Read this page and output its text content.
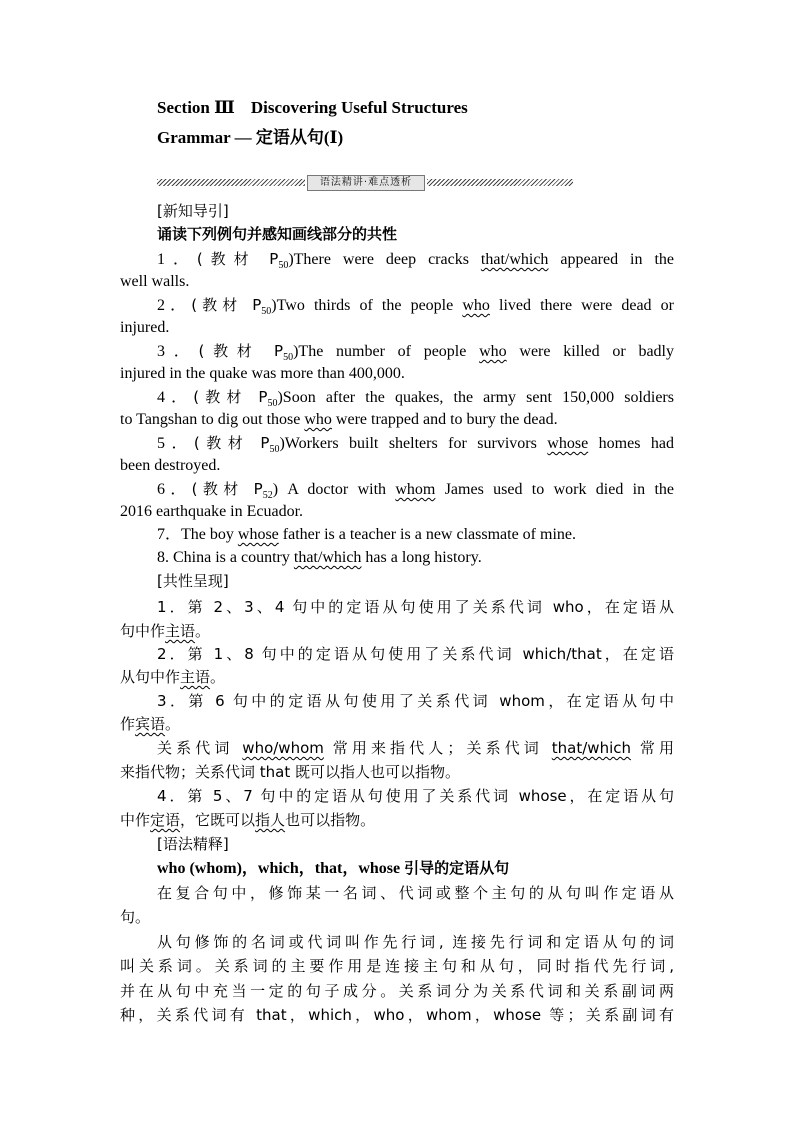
Section Ⅲ Discovering Useful Structures
Grammar — 定语从句(Ⅰ)
语法精讲·难点透析
[新知导引]
诵读下列例句并感知画线部分的共性
1．(教材 $P_{50})There$ were deep cracks that/which appeared in the
well walls.
2．(教材 $P_{50})Two$ thirds of the people who lived there were dead or
injured.
3．(教材 $P_{50})The$ number of people who were killed or badly
injured in the quake was more than 400,000.
4．(教材 $P_{50})Soon$ after the quakes, the army sent 150,000 soldiers
to Tangshan to dig out those who were trapped and to bury the dead.
5．(教材 $P_{50})Workers$ built shelters for survivors whose homes had
been destroyed.
6．(教材 $P_{52}$) A doctor with whom James used to work died in the
2016 earthquake in Ecuador.
7．The boy whose father is a teacher is a new classmate of mine.
8. China is a country that/which has a long history.
[共性呈现]
1．第 2、3、4 句中的定语从句使用了关系代词 who，在定语从
句中作主语。
2．第 1、8 句中的定语从句使用了关系代词 which/that，在定语
从句中作主语。
3．第 6 句中的定语从句使用了关系代词 whom，在定语从句中
作宾语。
关系代词 who/whom 常用来指代人；关系代词 that/which 常用
来指代物；关系代词 that 既可以指人也可以指物。
4．第 5、7 句中的定语从句使用了关系代词 whose，在定语从句
中作定语，它既可以指人也可以指物。
[语法精释]
who (whom)，which，that，whose 引导的定语从句
在复合句中，修饰某一名词、代词或整个主句的从句叫作定语从
句。
从句修饰的名词或代词叫作先行词, 连接先行词和定语从句的词
叫关系词。关系词的主要作用是连接主句和从句，同时指代先行词,
并在从句中充当一定的句子成分。关系词分为关系代词和关系副词两
种，关系代词有 that，which，who，whom，whose 等；关系副词有
